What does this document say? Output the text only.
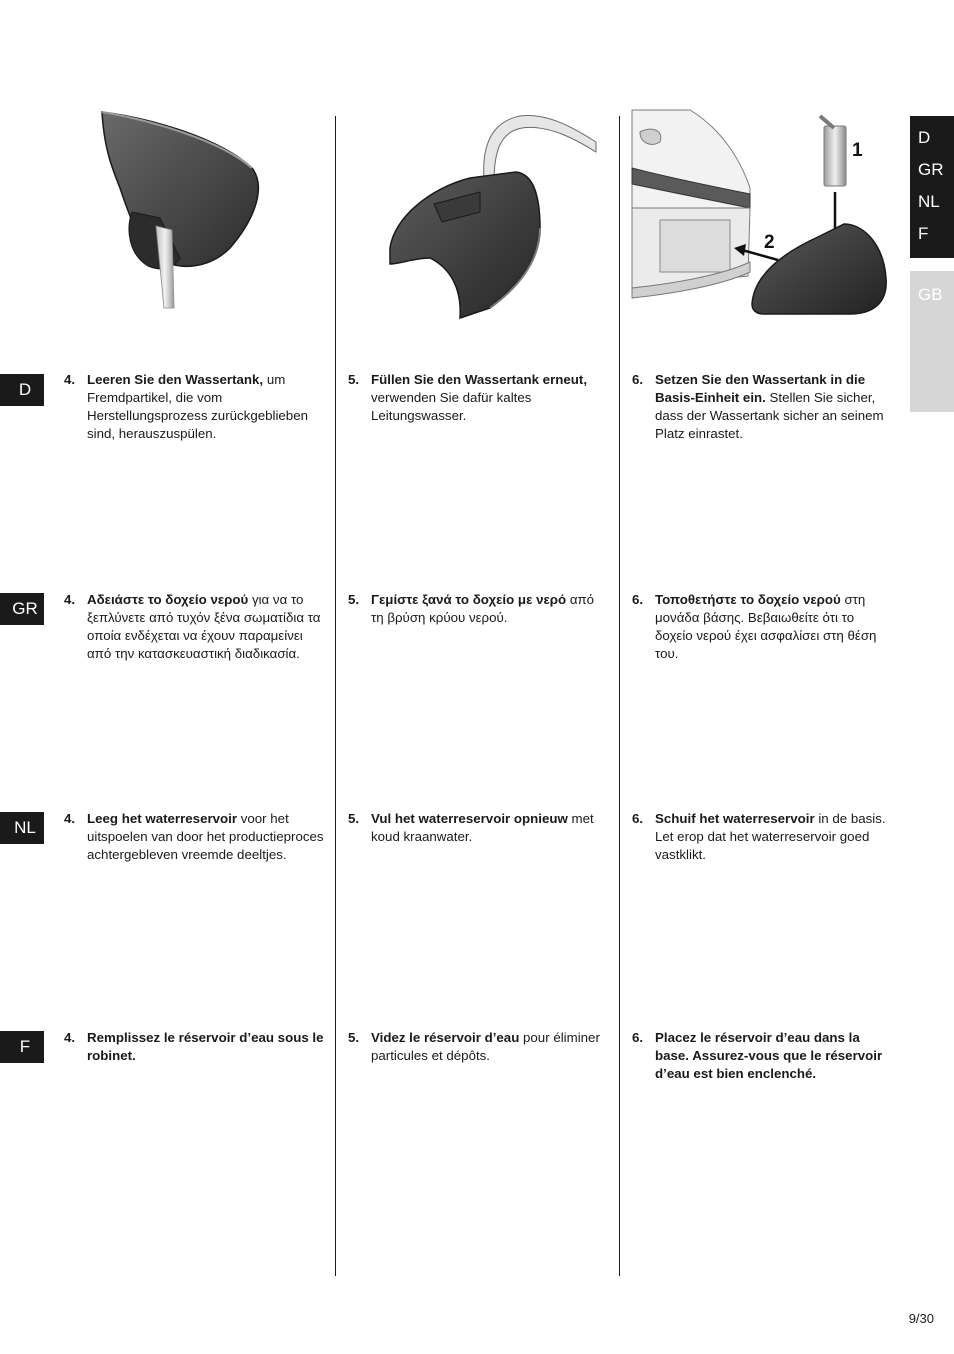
1
2
D
GR
NL
F
GB
D
GR
NL
F
4. Leeren Sie den Wassertank, um Fremdpartikel, die vom Herstellungsprozess zurückgeblieben sind, herauszuspülen.
5. Füllen Sie den Wassertank erneut, verwenden Sie dafür kaltes Leitungswasser.
6. Setzen Sie den Wassertank in die Basis-Einheit ein. Stellen Sie sicher, dass der Wassertank sicher an seinem Platz einrastet.
4. Αδειάστε το δοχείο νερού για να το ξεπλύνετε από τυχόν ξένα σωματίδια τα οποία ενδέχεται να έχουν παραμείνει από την κατασκευαστική διαδικασία.
5. Γεμίστε ξανά το δοχείο με νερό από τη βρύση κρύου νερού.
6. Τοποθετήστε το δοχείο νερού στη μονάδα βάσης. Βεβαιωθείτε ότι το δοχείο νερού έχει ασφαλίσει στη θέση του.
4. Leeg het waterreservoir voor het uitspoelen van door het productieproces achtergebleven vreemde deeltjes.
5. Vul het waterreservoir opnieuw met koud kraanwater.
6. Schuif het waterreservoir in de basis. Let erop dat het waterreservoir goed vastklikt.
4. Remplissez le réservoir d’eau sous le robinet.
5. Videz le réservoir d’eau pour éliminer particules et dépôts.
6. Placez le réservoir d’eau dans la base. Assurez-vous que le réservoir d’eau est bien enclenché.
9/30
